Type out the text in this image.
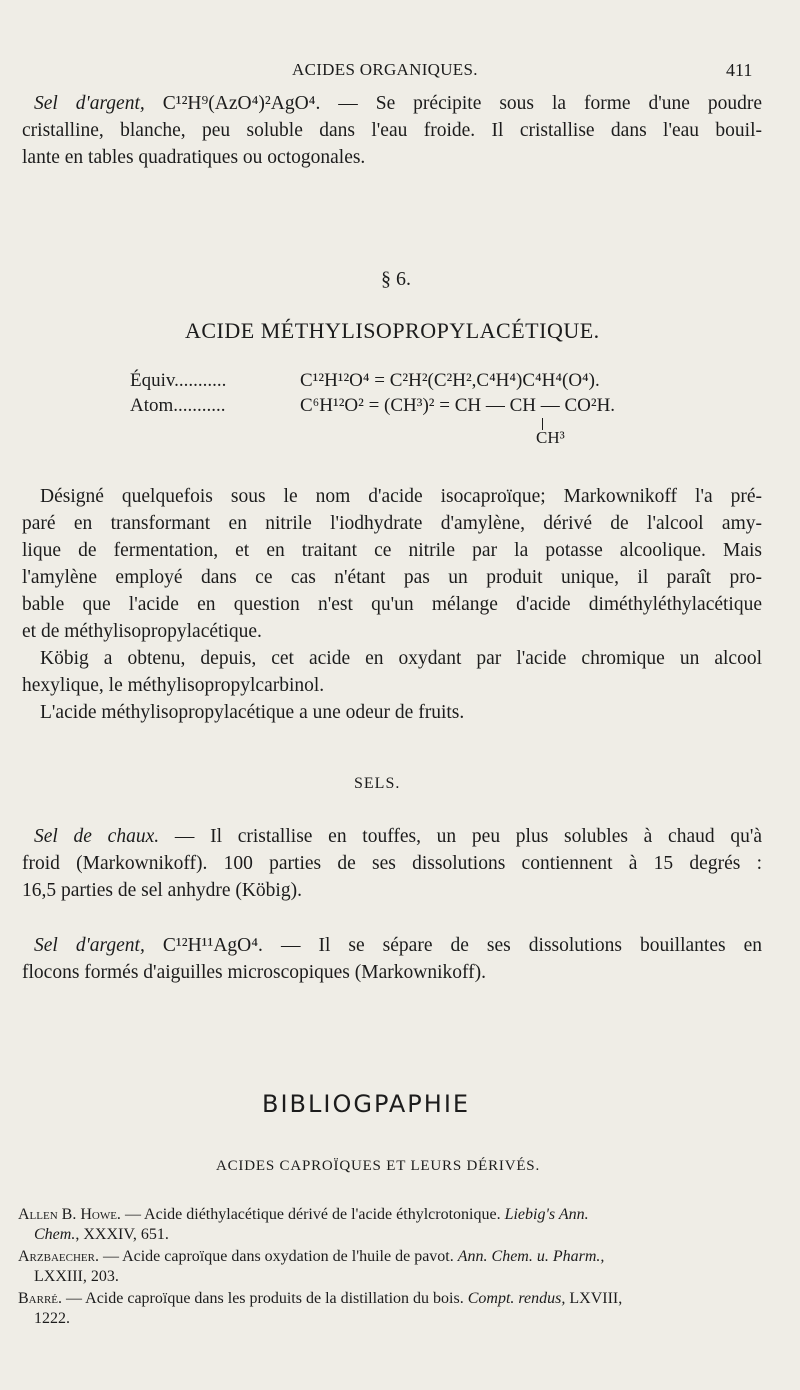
ACIDES ORGANIQUES.	411
Sel d'argent, C¹²H⁹(AzO⁴)²AgO⁴. — Se précipite sous la forme d'une poudre
cristalline, blanche, peu soluble dans l'eau froide. Il cristallise dans l'eau bouil-
lante en tables quadratiques ou octogonales.
§ 6.
ACIDE MÉTHYLISOPROPYLACÉTIQUE.
Équiv...........	C¹²H¹²O⁴ = C²H²(C²H²,C⁴H⁴)C⁴H⁴(O⁴).
Atom...........	C⁶H¹²O² = (CH³)² = CH — CH — CO²H.
CH³
Désigné quelquefois sous le nom d'acide isocaproïque; Markownikoff l'a pré-
paré en transformant en nitrile l'iodhydrate d'amylène, dérivé de l'alcool amy-
lique de fermentation, et en traitant ce nitrile par la potasse alcoolique. Mais
l'amylène employé dans ce cas n'étant pas un produit unique, il paraît pro-
bable que l'acide en question n'est qu'un mélange d'acide diméthyléthylacétique
et de méthylisopropylacétique.
Köbig a obtenu, depuis, cet acide en oxydant par l'acide chromique un alcool
hexylique, le méthylisopropylcarbinol.
L'acide méthylisopropylacétique a une odeur de fruits.
SELS.
Sel de chaux. — Il cristallise en touffes, un peu plus solubles à chaud qu'à
froid (Markownikoff). 100 parties de ses dissolutions contiennent à 15 degrés :
16,5 parties de sel anhydre (Köbig).
Sel d'argent, C¹²H¹¹AgO⁴. — Il se sépare de ses dissolutions bouillantes en
flocons formés d'aiguilles microscopiques (Markownikoff).
BIBLIOGPAPHIE
ACIDES CAPROÏQUES ET LEURS DÉRIVÉS.
Allen B. Howe. — Acide diéthylacétique dérivé de l'acide éthylcrotonique. Liebig's Ann.
Chem., XXXIV, 651.
Arzbaecher. — Acide caproïque dans oxydation de l'huile de pavot. Ann. Chem. u. Pharm.,
LXXIII, 203.
Barré. — Acide caproïque dans les produits de la distillation du bois. Compt. rendus, LXVIII,
1222.
